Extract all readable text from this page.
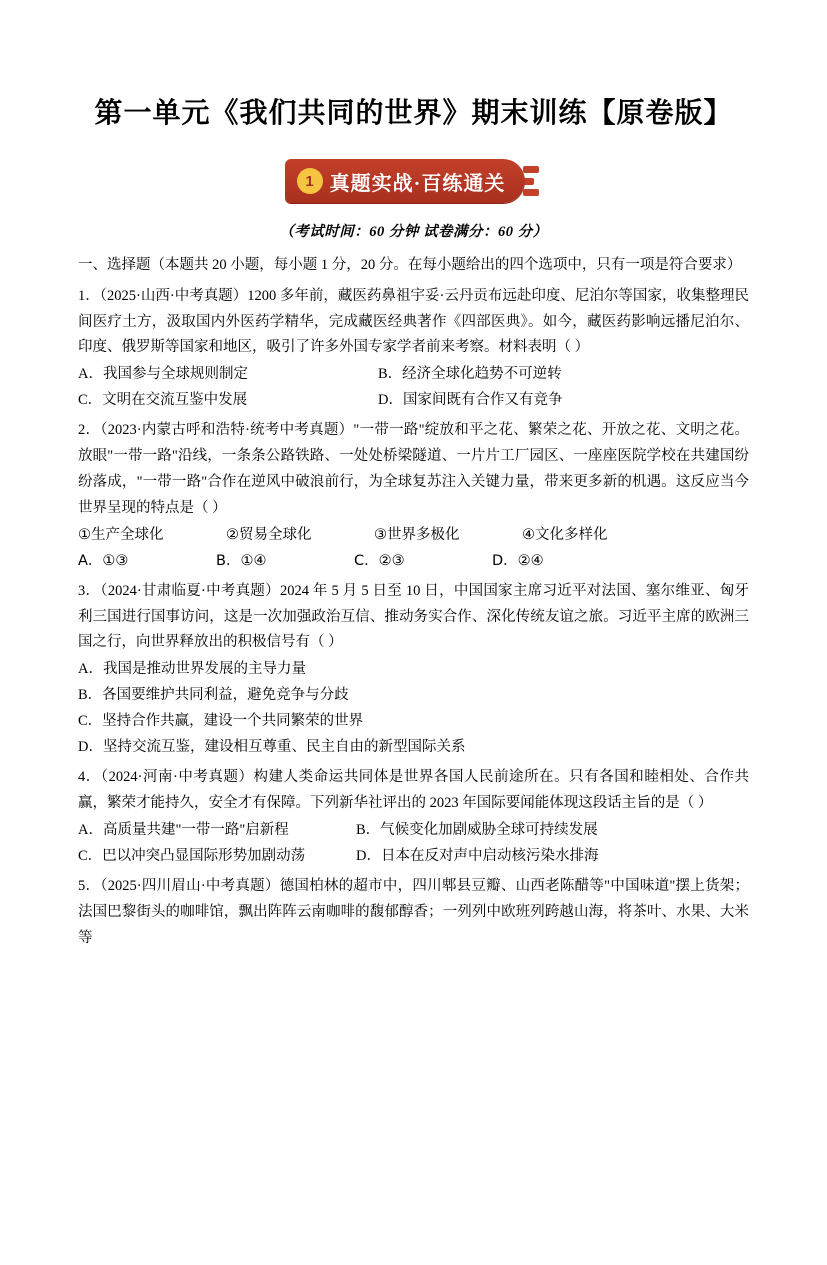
第一单元《我们共同的世界》期末训练【原卷版】
1 真题实战·百练通关
（考试时间：60 分钟 试卷满分：60 分）
一、选择题（本题共 20 小题，每小题 1 分，20 分。在每小题给出的四个选项中，只有一项是符合要求）
1．（2025·山西·中考真题）1200 多年前，藏医药鼻祖宇妥·云丹贡布远赴印度、尼泊尔等国家，收集整理民间医疗土方，汲取国内外医药学精华，完成藏医经典著作《四部医典》。如今，藏医药影响远播尼泊尔、印度、俄罗斯等国家和地区，吸引了许多外国专家学者前来考察。材料表明（ ）
A．我国参与全球规则制定	B．经济全球化趋势不可逆转
C．文明在交流互鉴中发展	D．国家间既有合作又有竞争
2．（2023·内蒙古呼和浩特·统考中考真题）"一带一路"绽放和平之花、繁荣之花、开放之花、文明之花。放眼"一带一路"沿线，一条条公路铁路、一处处桥梁隧道、一片片工厂园区、一座座医院学校在共建国纷纷落成，"一带一路"合作在逆风中破浪前行，为全球复苏注入关键力量，带来更多新的机遇。这反应当今世界呈现的特点是（ ）
①生产全球化	②贸易全球化	③世界多极化	④文化多样化
A．①③	B．①④	C．②③	D．②④
3．（2024·甘肃临夏·中考真题）2024 年 5 月 5 日至 10 日，中国国家主席习近平对法国、塞尔维亚、匈牙利三国进行国事访问，这是一次加强政治互信、推动务实合作、深化传统友谊之旅。习近平主席的欧洲三国之行，向世界释放出的积极信号有（ ）
A．我国是推动世界发展的主导力量
B．各国要维护共同利益，避免竞争与分歧
C．坚持合作共赢，建设一个共同繁荣的世界
D．坚持交流互鉴，建设相互尊重、民主自由的新型国际关系
4．（2024·河南·中考真题）构建人类命运共同体是世界各国人民前途所在。只有各国和睦相处、合作共赢，繁荣才能持久，安全才有保障。下列新华社评出的 2023 年国际要闻能体现这段话主旨的是（ ）
A．高质量共建"一带一路"启新程	B．气候变化加剧威胁全球可持续发展
C．巴以冲突凸显国际形势加剧动荡	D．日本在反对声中启动核污染水排海
5．（2025·四川眉山·中考真题）德国柏林的超市中，四川郫县豆瓣、山西老陈醋等"中国味道"摆上货架；法国巴黎街头的咖啡馆，飘出阵阵云南咖啡的馥郁醇香；一列列中欧班列跨越山海，将茶叶、水果、大米等
